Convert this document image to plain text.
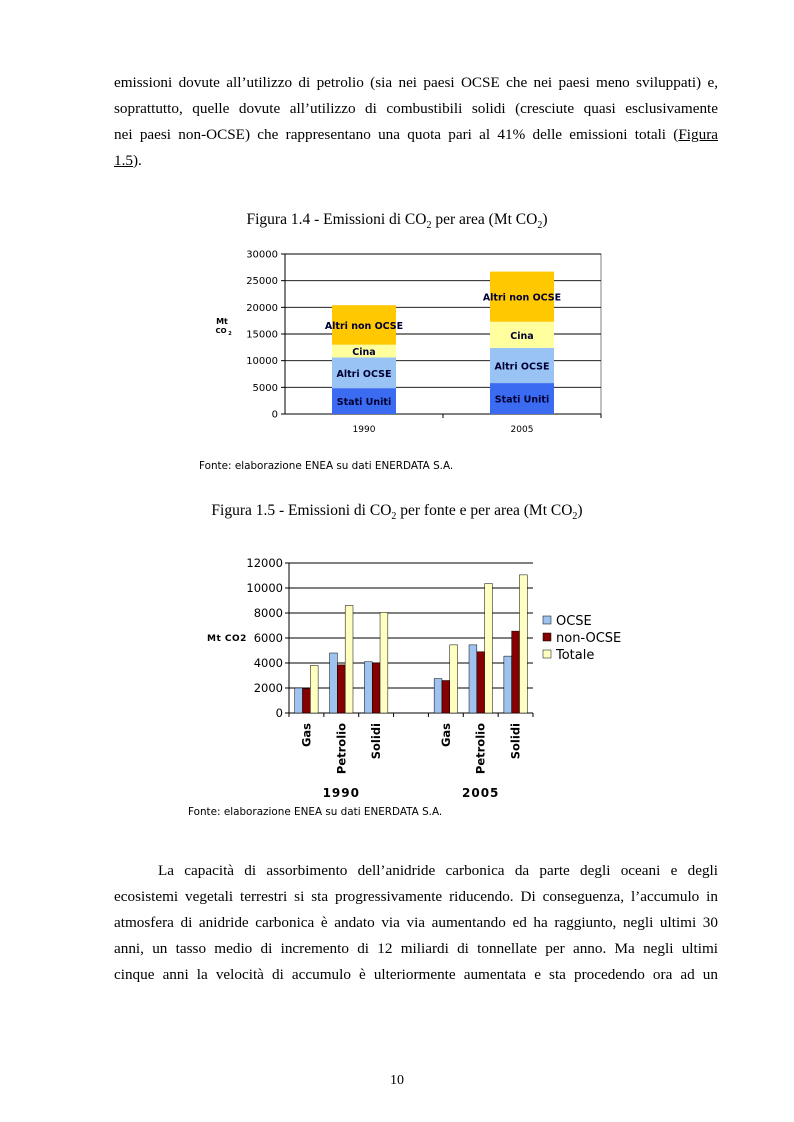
emissioni dovute all’utilizzo di petrolio (sia nei paesi OCSE che nei paesi meno sviluppati) e,
soprattutto, quelle dovute all’utilizzo di combustibili solidi (cresciute quasi esclusivamente
nei paesi non-OCSE) che rappresentano una quota pari al 41% delle emissioni totali (Figura
1.5).
Figura 1.4 - Emissioni di $CO_2$ per area (Mt $CO_2$)
0
5000
10000
15000
20000
25000
30000
Mt
CO 2
1990
Stati Uniti
Altri OCSE
Cina
Altri non OCSE
2005
Stati Uniti
Altri OCSE
Cina
Altri non OCSE
Fonte: elaborazione ENEA su dati ENERDATA S.A.
Figura 1.5 - Emissioni di $CO_2$ per fonte e per area (Mt $CO_2$)
0
2000
4000
6000
8000
10000
12000
Mt CO2
Gas Petrolio Solidi	Gas Petrolio Solidi
1990	2005
OCSE
non-OCSE
Totale
Fonte: elaborazione ENEA su dati ENERDATA S.A.
La capacità di assorbimento dell’anidride carbonica da parte degli oceani e degli
ecosistemi vegetali terrestri si sta progressivamente riducendo. Di conseguenza, l’accumulo in
atmosfera di anidride carbonica è andato via via aumentando ed ha raggiunto, negli ultimi 30
anni, un tasso medio di incremento di 12 miliardi di tonnellate per anno. Ma negli ultimi
cinque anni la velocità di accumulo è ulteriormente aumentata e sta procedendo ora ad un
10
